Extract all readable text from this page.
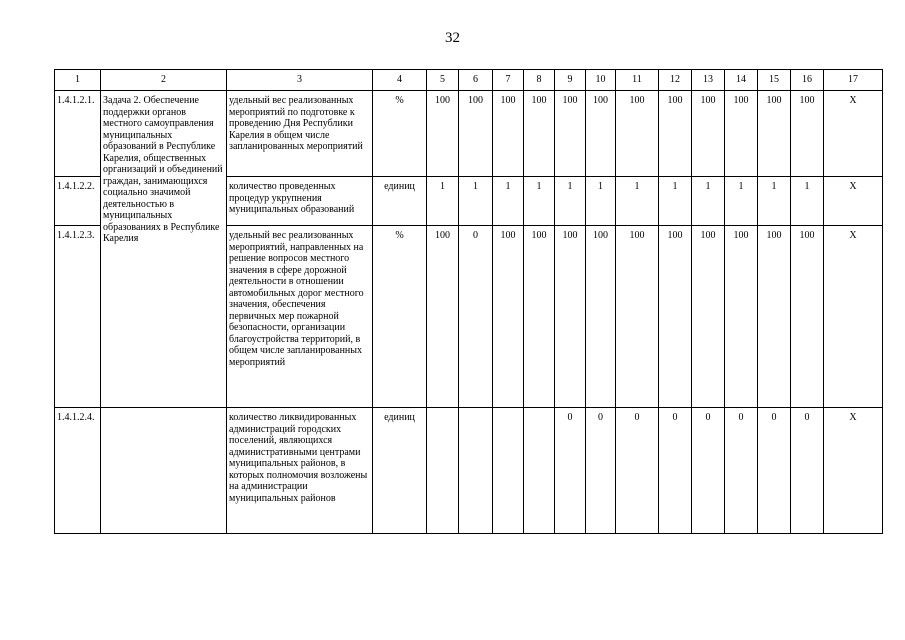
32
1	2	3	4	5	6	7	8	9	10	11	12	13	14	15	16	17
1.4.1.2.1.	Задача 2. Обеспечение поддержки органов местного самоуправления муниципальных образований в Республике Карелия, общественных организаций и объединений граждан, занимающихся социально значимой деятельностью в муниципальных образованиях в Республике Карелия	удельный вес реализованных мероприятий по подготовке к проведению Дня Республики Карелия в общем числе запланированных мероприятий	%	100	100	100	100	100	100	100	100	100	100	100	100	Х
1.4.1.2.2.		количество проведенных процедур укрупнения муниципальных образований	единиц	1	1	1	1	1	1	1	1	1	1	1	1	Х
1.4.1.2.3.		удельный вес реализованных мероприятий, направленных на решение вопросов местного значения в сфере дорожной деятельности в отношении автомобильных дорог местного значения, обеспечения первичных мер пожарной безопасности, организации благоустройства территорий, в общем числе запланированных мероприятий	%	100	0	100	100	100	100	100	100	100	100	100	100	Х
1.4.1.2.4.		количество ликвидированных администраций городских поселений, являющихся административными центрами муниципальных районов, в которых полномочия возложены на администрации муниципальных районов	единиц					0	0	0	0	0	0	0	0	Х
